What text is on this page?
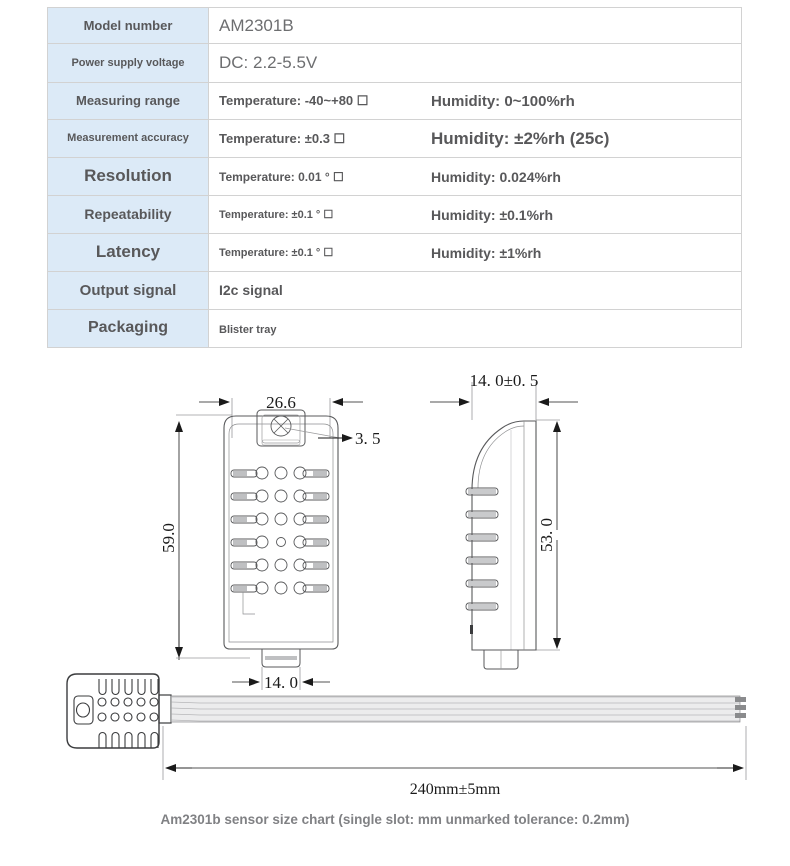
Model number	AM2301B
Power supply voltage	DC: 2.2-5.5V
Measuring range	Temperature: -40~+80 ☐ Humidity: 0~100%rh

Measurement accuracy	Temperature: ±0.3 ☐ Humidity: ±2%rh (25c)

Resolution	Temperature: 0.01 ° ☐ Humidity: 0.024%rh

Repeatability	Temperature: ±0.1 ° ☐ Humidity: ±0.1%rh

Latency	Temperature: ±0.1 ° ☐ Humidity: ±1%rh

Output signal	I2c signal
Packaging	Blister tray
26.6
3. 5
59.0
14. 0
14. 0±0. 5
53. 0
240mm±5mm
Am2301b sensor size chart (single slot: mm unmarked tolerance: 0.2mm)
